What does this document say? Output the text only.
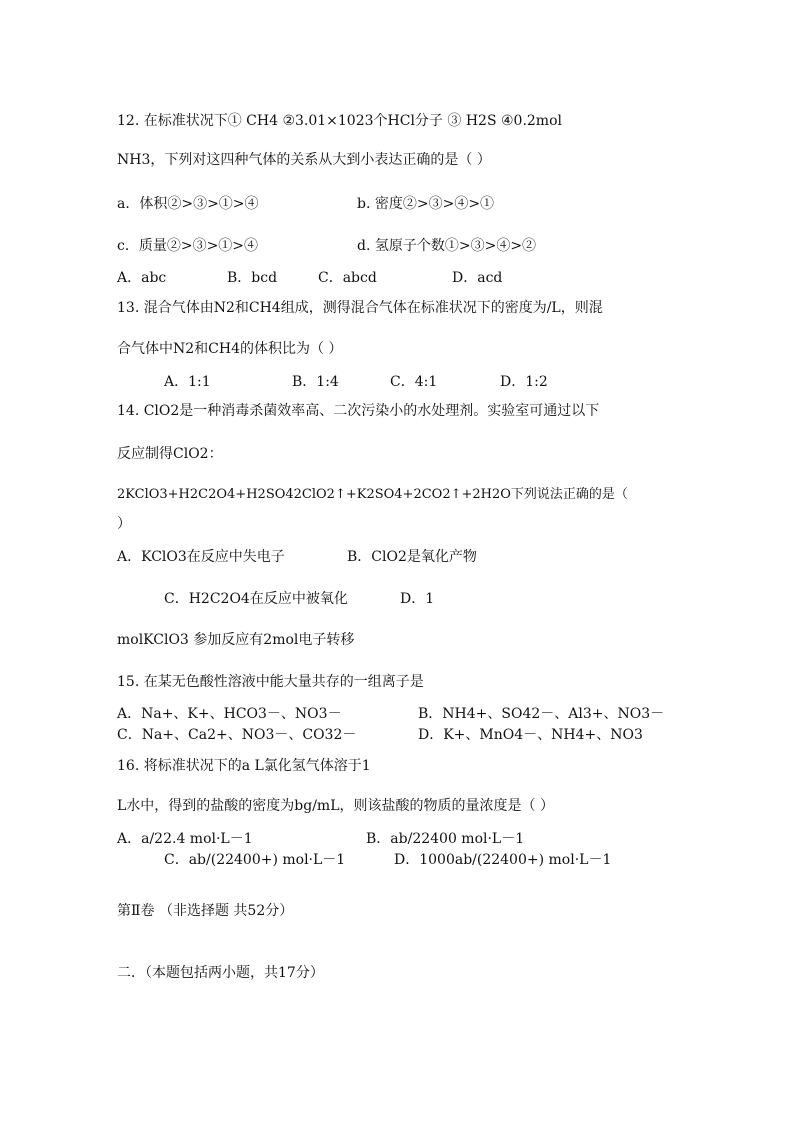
12. 在标准状况下① CH4 ②3.01×1023个HCl分子 ③ H2S ④0.2mol
NH3，下列对这四种气体的关系从大到小表达正确的是（ ）
a．体积②>③>①>④	b. 密度②>③>④>①
c．质量②>③>①>④	d. 氢原子个数①>③>④>②
A．abc	B．bcd	C．abcd	D．acd
13. 混合气体由N2和CH4组成，测得混合气体在标准状况下的密度为/L，则混
合气体中N2和CH4的体积比为（ ）
A．1:1	B．1:4	C．4:1	D．1:2
14. ClO2是一种消毒杀菌效率高、二次污染小的水处理剂。实验室可通过以下
反应制得ClO2：
2KClO3+H2C2O4+H2SO42ClO2↑+K2SO4+2CO2↑+2H2O下列说法正确的是（
）
A．KClO3在反应中失电子	B．ClO2是氧化产物
C．H2C2O4在反应中被氧化	D．1
molKClO3 参加反应有2mol电子转移
15. 在某无色酸性溶液中能大量共存的一组离子是
A．Na+、K+、HCO3－、NO3－	B．NH4+、SO42－、Al3+、NO3－
C．Na+、Ca2+、NO3－、CO32－	D．K+、MnO4－、NH4+、NO3
16. 将标准状况下的a L氯化氢气体溶于1
L水中，得到的盐酸的密度为bg/mL，则该盐酸的物质的量浓度是（ ）
A．a/22.4 mol·L－1	B．ab/22400 mol·L－1
C．ab/(22400+) mol·L－1	D．1000ab/(22400+) mol·L－1
第Ⅱ卷 （非选择题 共52分）
二．（本题包括两小题，共17分）
